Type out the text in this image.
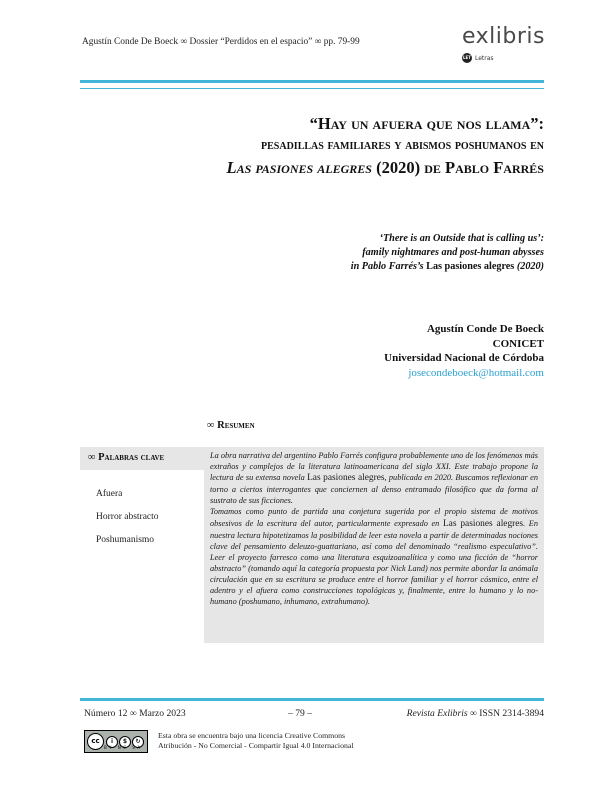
Agustín Conde De Boeck ∞ Dossier “Perdidos en el espacio” ∞ pp. 79-99	exlibris
LET Letras
“Hay un afuera que nos llama”:
pesadillas familiares y abismos poshumanos en
Las pasiones alegres (2020) de Pablo Farrés
‘There is an Outside that is calling us’:
family nightmares and post-human abysses
in Pablo Farrés’s Las pasiones alegres (2020)
Agustín Conde De Boeck
CONICET
Universidad Nacional de Córdoba
josecondeboeck@hotmail.com
∞ Resumen
∞ Palabras clave
Afuera
Horror abstracto
Poshumanismo

La obra narrativa del argentino Pablo Farrés configura probablemente uno de los fenómenos más extraños y complejos de la literatura latinoamericana del siglo XXI. Este trabajo propone la lectura de su extensa novela Las pasiones alegres, publicada en 2020. Buscamos reflexionar en torno a ciertos interrogantes que conciernen al denso entramado filosófico que da forma al sustrato de sus ficciones.

Tomamos como punto de partida una conjetura sugerida por el propio sistema de motivos obsesivos de la escritura del autor, particularmente expresado en Las pasiones alegres. En nuestra lectura hipotetizamos la posibilidad de leer esta novela a partir de determinadas nociones clave del pensamiento deleuzo-guattariano, así como del denominado “realismo especulativo”. Leer el proyecto farresco como una literatura esquizoanalítica y como una ficción de “horror abstracto” (tomando aquí la categoría propuesta por Nick Land) nos permite abordar la anómala circulación que en su escritura se produce entre el horror familiar y el horror cósmico, entre el adentro y el afuera como construcciones topológicas y, finalmente, entre lo humano y lo no-humano (poshumano, inhumano, extrahumano).

Número 12 ∞ Marzo 2023	– 79 –	Revista Exlibris ∞ ISSN 2314-3894
cc	i	$	↻
BY NC SA
Esta obra se encuentra bajo una licencia Creative Commons
Atribución - No Comercial - Compartir Igual 4.0 Internacional
